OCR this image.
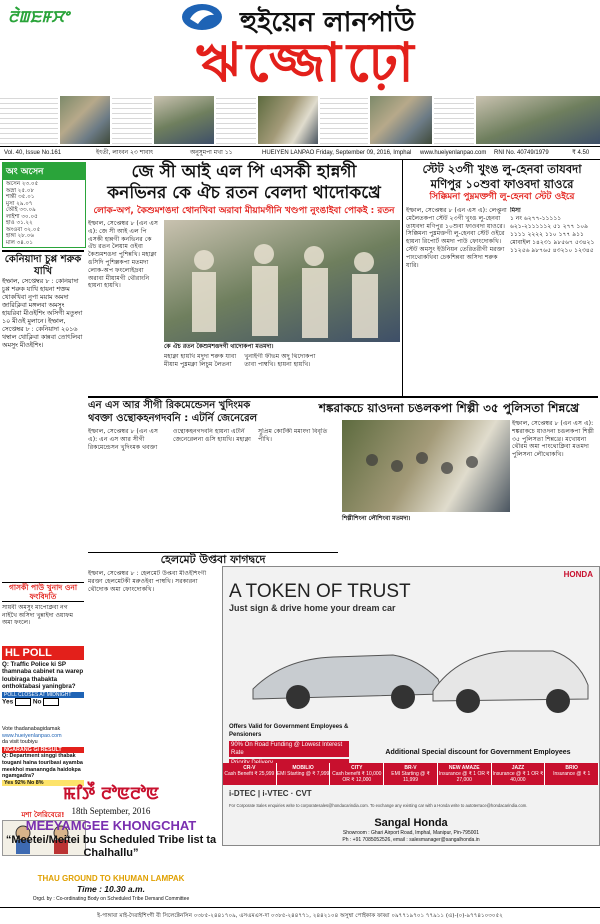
ꯂꯥꯡꯐꯝꯆꯦ	হুইয়েন লানপাউ
ঋজ্জোঢ়ো
Vol. 40, Issue No.161	ইৎতী, লাংবন ২৩ শাবাৎ	অনুসুমপা মখা ১১	HUEIYEN LANPAO Friday, September 09, 2016, Imphal www.hueiyenlanpao.com RNI No. 40749/1979	₹ 4.50
অং অসেন
অসেন ২৩.০৫
অস্না ২৫.০৮
শান্তী ৩৫.০১
মুসা ২৯.০৭
অৌই ৩৩.০৯
লাইশা ৩০.০৫
হাও ৩১.২২
অংওবা ৩২.০৫
হাঙ্গা ২৮.০৬
মাল ৩৪.০১
কেনিয়াদা চুপ্প শরুক যাখি
ইম্ফাল, সেপ্তেম্বর ৮ : কেনিয়াদা চুপ্প শরুক যাখি হায়না শক্তম থোকখিবা নুপা ময়াম অমদা জারিক্লিবা মঙ্গলবা অমসুং হায়রিবা মীওইশিং অসিগী মতুংদা ১০ মীওই মুলানে। ইম্ফাল, সেপ্তেম্বর ৮ : কেনিয়াদা ২০১৬ থম্বাল থোক্লিবা কান্নবা তোৎলিবা অমসুং মীওইশিং।
গাসকী পাউ খুনাদ ওনা ফংবিদতি
সায়বী অমসুং মাপোক্লবা নগ নাইখৈ অসিদা খুন্নাইদা ওয়াফম অমা ফংলে।
HL POLL
Q: Traffic Police ki SP thamnaba cabinet na warep loubiraga thabakta onthoktabasi yaningbra?
POLL CLOSES AT MIDNIGHT
Yes	No
Vote thadanabagidamak
www.hueiyenlanpao.com
da visit toubiyu
NGARANG GI RESULT
Q: Department singgi thabak tougani haina touribasi ayamba meekhoi mananngda haidokpa ngamgadra?
Yes 92% No 8%
মশা লৈরিবেরে!
জে সী আই এল পি এসকী হান্নগী
কনভিনর কে ঐচ রতন বেলদা থাদোকখ্রে
লোক-অপ, কৈশুমশঙদা থোনখিবা অরাবা মীয়ামগীনি খণ্ডপা নুংঙাইবা পোকই : রতন
ইম্ফাল, সেপ্তেম্বর ৮ (এন এস এ): জে সী আই এল পি এসকী হান্নগী কনভিনর কে ঐচ রতন লৈয়াম ওইবা কৈশুমশঙদা পুশিন্নখি। মহাক্না ঙসিদি পুশিল্লকপা মতমদা লোক-অপ ফংলোইদ্রবা অরাবা মীয়ামগী থৌরাংনি হায়না হায়খি।
কে ঐচ রতন কৈশুমশঙদগী থাদোকপা মতমদা।
মহাক্না হায়খি মদুদা শরুক যাবা মীয়াম পুম্নমক্না লিচুম লৈতনা খুনাইগী ফীভম অদু থিদোকপা তাবা পাম্বখি। হায়না হায়খি।
স্টেট ২৩গী খুংঙ লু-হেনবা তাযবদা
মণিপুর ১০শুবা ফাওবদা য়াওরে
সিক্কিমনা পুম্নমক্তগী লু-হেনবা স্টেট ওইরে
ইম্ফাল, সেপ্তেম্বর ৮ (এন এস এ): লেপ্তুনা মেলৈতকপা স্টেট ২৩গী খুংঙ লু-হেনবা তাযবদা মণিপুর ১০শুবা ফাওবদা য়াওরে। সিক্কিমনা পুম্নমক্তগী লু-হেনবা স্টেট ওইরে হায়না রিপোর্ট অমদা পাউ ফোংদোকখি। স্টেট অমসুং ইউনিয়ন তেরিতরীগী মরক্তা পাংথোকখিবা চেকশিন্নবা অসিদা শরুক যারি।
মিসা
১ নং ৬২৭৭-১১১১১ ৬২১-২১১১১১২ ৫১ ২৭৭ ১০৯ ১১১১ ২২২২ ১১০ ১৭৭ ৯১১
মোবাইল ১৪২৩১ ৯৮৫৬৭ ৫৩৪২১ ১১২৫৬ ৯৮৭৬৫ ৪৩২১০ ১২৩৪৫
এন এস আর সীগী রিকমেন্ডেসন খুদিংমক
থবক্তা ওন্থোকহনগদবনি : এটর্নি জেনেরেল
ইম্ফাল, সেপ্তেম্বর ৮ (এন এস এ): এন এস আর সীগী রিকমেন্ডেসন খুদিংমক থবক্তা ওন্থোকহনগদবনি হায়না এটর্নি জেনেরেলনা ঙসি হায়খি। মহাক্না সুপ্রিম কোর্টকী মমাংদা বিবৃতি পীখি।
শঙ্করাকচে য়াওদনা চঙলকপা শিল্পী ৩৫ পুলিসতা শিন্নখ্রে
শিল্পীশিংনা লৌশিংবা মতমদা।
ইম্ফাল, সেপ্তেম্বর ৮ (এন এস এ): শঙ্করাকচে য়াওদনা চঙলকপা শিল্পী ৩৫ পুলিসতা শিন্নখ্রে। মখোয়না থৌরম অমা পাংথোক্লিবা মতমদা পুলিসনা লৌথোকখি।
হেলমেট উপ্তবা ফাগদ্বদে
ইম্ফাল, সেপ্তেম্বর ৮ : হেলমেট উপ্তবা মীওইশিংগী মরক্তা হেলমেটকী মরুওইবা পাম্বখি। সরকারনা থৌদোক অমা ফোংদোকখি।
HONDA
A TOKEN OF TRUST
Just sign & drive home your dream car
Offers Valid for Government Employees & Pensioners
90% On Road Funding @ Lowest Interest Rate	Additional Special discount for Government Employees
CR-V
Cash Benefit ₹ 25,999
MOBILIO
EMI Starting @ ₹ 7,999
CITY
Cash benefit ₹ 10,000 OR ₹ 12,000
BR-V
EMI Starting @ ₹ 11,999
NEW AMAZE
Insurance @ ₹ 1 OR ₹ 27,000
JAZZ
Insurance @ ₹ 1 OR ₹ 40,000
BRIO
Insurance @ ₹ 1
i-DTEC | i-VTEC · CVT
For Corporate Sales enquiries write to corporatesales@hondacarindia.com. To exchange any existing car with a Honda write to autoterrace@hondacarindia.com.
Sangal Honda
Showroom : Ghari Airport Road, Imphal, Manipur, Pin-795001
Ph : +91 7085052526, email : salesmanager@sangalhonda.in
ꯃꯤꯇꯩ ꯂꯣꯟꯂꯣꯟ
18th September, 2016
MEEYAMGEE KHONGCHAT
“Meetei/Meitei bu Scheduled Tribe list ta Chalhallu”
THAU GROUND TO KHUMAN LAMPAK
Time : 10.30 a.m.
Orgd. by : Co-ordinating Body on Scheduled Tribe Demand Committee
ই-পাঙ্গাবা মাই-দৈরাইশিংগী বী সিলেক্টেনসিন ০৩৮৫-২৪৪১৭০৯, এসএমএস-দা ০৩৮৫-২৪৪৭৭১, ২৪৪২১০৪ অসুম্বা পোইকাক ফাব্বা ০৯৭৭১৯৭০১ ৭৭৯১১ (এ)-(০)-৯৭৭৪১০৩০৫২
